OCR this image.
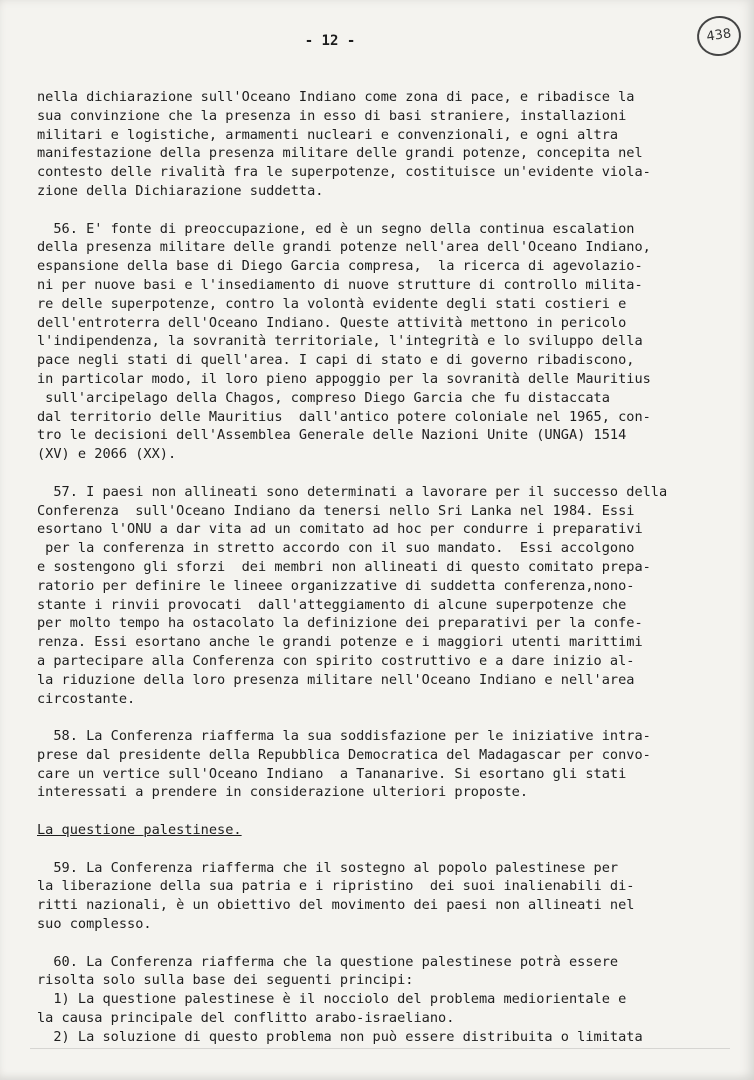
- 12 -	438
nella dichiarazione sull'Oceano Indiano come zona di pace, e ribadisce la
sua convinzione che la presenza in esso di basi straniere, installazioni
militari e logistiche, armamenti nucleari e convenzionali, e ogni altra
manifestazione della presenza militare delle grandi potenze, concepita nel
contesto delle rivalità fra le superpotenze, costituisce un'evidente viola-
zione della Dichiarazione suddetta.
56. E' fonte di preoccupazione, ed è un segno della continua escalation
della presenza militare delle grandi potenze nell'area dell'Oceano Indiano,
espansione della base di Diego Garcia compresa,  la ricerca di agevolazio-
ni per nuove basi e l'insediamento di nuove strutture di controllo milita-
re delle superpotenze, contro la volontà evidente degli stati costieri e
dell'entroterra dell'Oceano Indiano. Queste attività mettono in pericolo
l'indipendenza, la sovranità territoriale, l'integrità e lo sviluppo della
pace negli stati di quell'area. I capi di stato e di governo ribadiscono,
in particolar modo, il loro pieno appoggio per la sovranità delle Mauritius
sull'arcipelago della Chagos, compreso Diego Garcia che fu distaccata
dal territorio delle Mauritius  dall'antico potere coloniale nel 1965, con-
tro le decisioni dell'Assemblea Generale delle Nazioni Unite (UNGA) 1514
(XV) e 2066 (XX).
57. I paesi non allineati sono determinati a lavorare per il successo della
Conferenza  sull'Oceano Indiano da tenersi nello Sri Lanka nel 1984. Essi
esortano l'ONU a dar vita ad un comitato ad hoc per condurre i preparativi
per la conferenza in stretto accordo con il suo mandato.  Essi accolgono
e sostengono gli sforzi  dei membri non allineati di questo comitato prepa-
ratorio per definire le lineee organizzative di suddetta conferenza,nono-
stante i rinvii provocati  dall'atteggiamento di alcune superpotenze che
per molto tempo ha ostacolato la definizione dei preparativi per la confe-
renza. Essi esortano anche le grandi potenze e i maggiori utenti marittimi
a partecipare alla Conferenza con spirito costruttivo e a dare inizio al-
la riduzione della loro presenza militare nell'Oceano Indiano e nell'area
circostante.
58. La Conferenza riafferma la sua soddisfazione per le iniziative intra-
prese dal presidente della Repubblica Democratica del Madagascar per convo-
care un vertice sull'Oceano Indiano  a Tananarive. Si esortano gli stati
interessati a prendere in considerazione ulteriori proposte.
La questione palestinese.
59. La Conferenza riafferma che il sostegno al popolo palestinese per
la liberazione della sua patria e i ripristino  dei suoi inalienabili di-
ritti nazionali, è un obiettivo del movimento dei paesi non allineati nel
suo complesso.
60. La Conferenza riafferma che la questione palestinese potrà essere
risolta solo sulla base dei seguenti principi:
1) La questione palestinese è il nocciolo del problema mediorientale e
la causa principale del conflitto arabo-israeliano.
2) La soluzione di questo problema non può essere distribuita o limitata
